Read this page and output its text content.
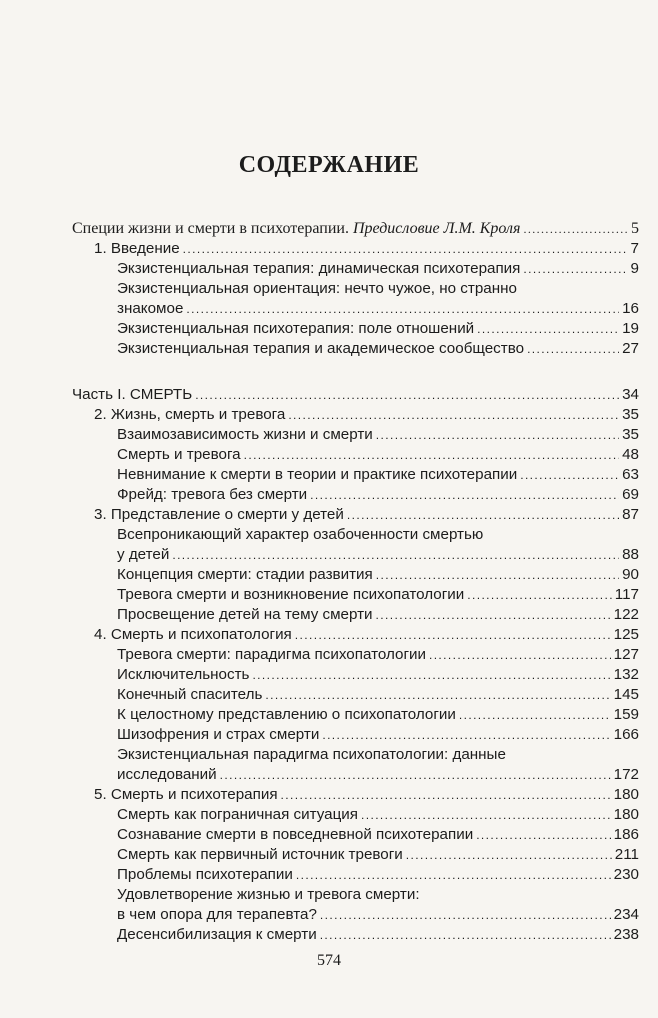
СОДЕРЖАНИЕ
Специи жизни и смерти в психотерапии. Предисловие Л.М. Кроля .....	5
1. Введение .....	7
Экзистенциальная терапия: динамическая психотерапия .....	9
Экзистенциальная ориентация: нечто чужое, но странно
знакомое .....	16
Экзистенциальная психотерапия: поле отношений .....	19
Экзистенциальная терапия и академическое сообщество .....	27
Часть I. СМЕРТЬ .....	34
2. Жизнь, смерть и тревога .....	35
Взаимозависимость жизни и смерти .....	35
Смерть и тревога .....	48
Невнимание к смерти в теории и практике психотерапии .....	63
Фрейд: тревога без смерти .....	69
3. Представление о смерти у детей .....	87
Всепроникающий характер озабоченности смертью
у детей .....	88
Концепция смерти: стадии развития .....	90
Тревога смерти и возникновение психопатологии .....	117
Просвещение детей на тему смерти .....	122
4. Смерть и психопатология .....	125
Тревога смерти: парадигма психопатологии .....	127
Исключительность .....	132
Конечный спаситель .....	145
К целостному представлению о психопатологии .....	159
Шизофрения и страх смерти .....	166
Экзистенциальная парадигма психопатологии: данные
исследований .....	172
5. Смерть и психотерапия .....	180
Смерть как пограничная ситуация .....	180
Сознавание смерти в повседневной психотерапии .....	186
Смерть как первичный источник тревоги .....	211
Проблемы психотерапии .....	230
Удовлетворение жизнью и тревога смерти:
в чем опора для терапевта? .....	234
Десенсибилизация к смерти .....	238
574
